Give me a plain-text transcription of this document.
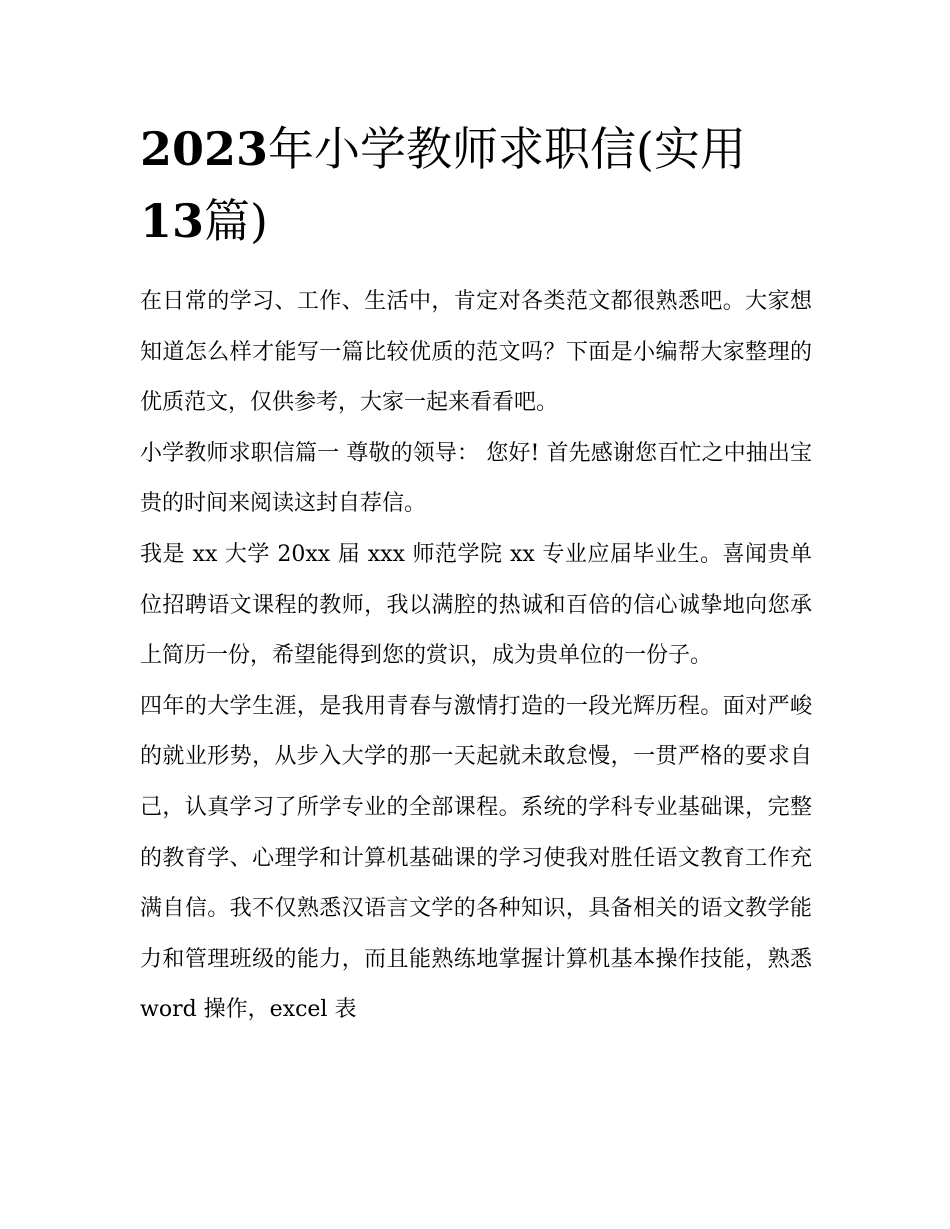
2023年小学教师求职信(实用
13篇)

在日常的学习、工作、生活中，肯定对各类范文都很熟悉吧。大家想知道怎么样才能写一篇比较优质的范文吗？下面是小编帮大家整理的优质范文，仅供参考，大家一起来看看吧。

小学教师求职信篇一 尊敬的领导： 您好! 首先感谢您百忙之中抽出宝贵的时间来阅读这封自荐信。

我是 xx 大学 20xx 届 xxx 师范学院 xx 专业应届毕业生。喜闻贵单位招聘语文课程的教师，我以满腔的热诚和百倍的信心诚挚地向您承上简历一份，希望能得到您的赏识，成为贵单位的一份子。

四年的大学生涯，是我用青春与激情打造的一段光辉历程。面对严峻的就业形势，从步入大学的那一天起就未敢怠慢，一贯严格的要求自己，认真学习了所学专业的全部课程。系统的学科专业基础课，完整的教育学、心理学和计算机基础课的学习使我对胜任语文教育工作充满自信。我不仅熟悉汉语言文学的各种知识，具备相关的语文教学能力和管理班级的能力，而且能熟练地掌握计算机基本操作技能，熟悉 word 操作，excel 表
